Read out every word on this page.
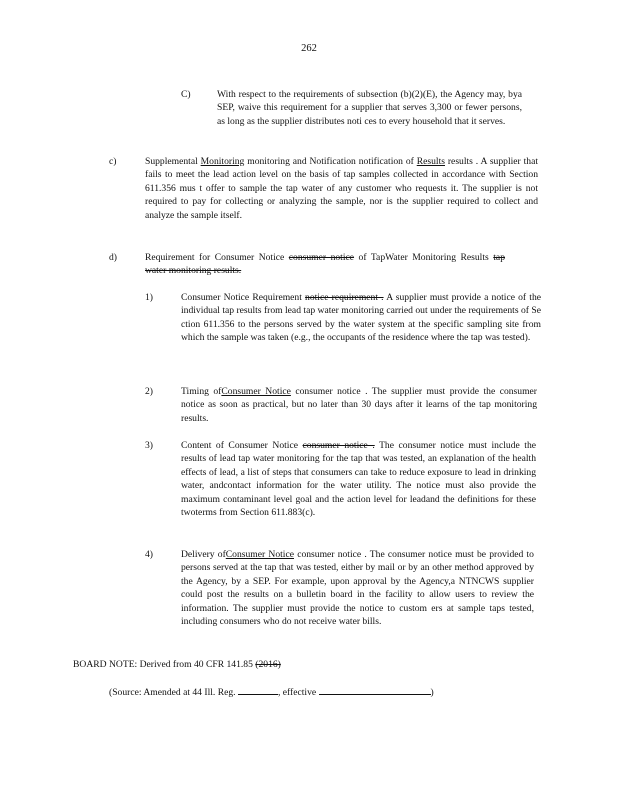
262
C)	With respect to the requirements of subsection (b)(2)(E), the Agency may, bya SEP, waive this requirement for a supplier that serves 3,300 or fewer persons, as long as the supplier distributes noti ces to every household that it serves.
c)	Supplemental Monitoring monitoring and Notification notification of Results results . A supplier that fails to meet the lead action level on the basis of tap samples collected in accordance with Section 611.356 mus t offer to sample the tap water of any customer who requests it. The supplier is not required to pay for collecting or analyzing the sample, nor is the supplier required to collect and analyze the sample itself.
d)	Requirement for Consumer Notice consumer notice of TapWater Monitoring Results tap water monitoring results.
1)	Consumer Notice Requirement notice requirement . A supplier must provide a notice of the individual tap results from lead tap water monitoring carried out under the requirements of Se ction 611.356 to the persons served by the water system at the specific sampling site from which the sample was taken (e.g., the occupants of the residence where the tap was tested).
2)	Timing ofConsumer Notice consumer notice . The supplier must provide the consumer notice as soon as practical, but no later than 30 days after it learns of the tap monitoring results.
3)	Content of Consumer Notice consumer notice . The consumer notice must include the results of lead tap water monitoring for the tap that was tested, an explanation of the health effects of lead, a list of steps that consumers can take to reduce exposure to lead in drinking water, andcontact information for the water utility. The notice must also provide the maximum contaminant level goal and the action level for leadand the definitions for these twoterms from Section 611.883(c).
4)	Delivery ofConsumer Notice consumer notice . The consumer notice must be provided to persons served at the tap that was tested, either by mail or by an other method approved by the Agency, by a SEP. For example, upon approval by the Agency,a NTNCWS supplier could post the results on a bulletin board in the facility to allow users to review the information. The supplier must provide the notice to custom ers at sample taps tested, including consumers who do not receive water bills.
BOARD NOTE: Derived from 40 CFR 141.85 (2016)
(Source: Amended at 44 Ill. Reg.	, effective	)
